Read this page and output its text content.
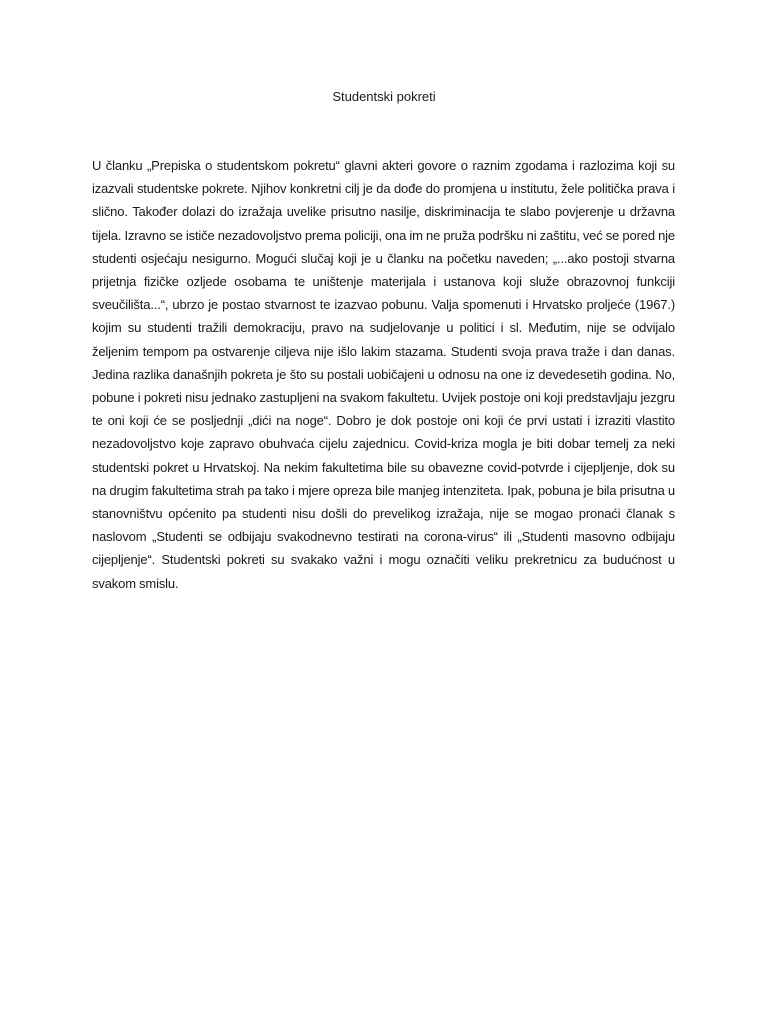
Studentski pokreti

U članku „Prepiska o studentskom pokretu“ glavni akteri govore o raznim zgodama i razlozima koji su izazvali studentske pokrete. Njihov konkretni cilj je da dođe do promjena u institutu, žele politička prava i slično. Također dolazi do izražaja uvelike prisutno nasilje, diskriminacija te slabo povjerenje u državna tijela. Izravno se ističe nezadovoljstvo prema policiji, ona im ne pruža podršku ni zaštitu, već se pored nje studenti osjećaju nesigurno. Mogući slučaj koji je u članku na početku naveden; „...ako postoji stvarna prijetnja fizičke ozljede osobama te uništenje materijala i ustanova koji služe obrazovnoj funkciji sveučilišta...“, ubrzo je postao stvarnost te izazvao pobunu. Valja spomenuti i Hrvatsko proljeće (1967.) kojim su studenti tražili demokraciju, pravo na sudjelovanje u politici i sl. Međutim, nije se odvijalo željenim tempom pa ostvarenje ciljeva nije išlo lakim stazama. Studenti svoja prava traže i dan danas. Jedina razlika današnjih pokreta je što su postali uobičajeni u odnosu na one iz devedesetih godina. No, pobune i pokreti nisu jednako zastupljeni na svakom fakultetu. Uvijek postoje oni koji predstavljaju jezgru te oni koji će se posljednji „dići na noge“. Dobro je dok postoje oni koji će prvi ustati i izraziti vlastito nezadovoljstvo koje zapravo obuhvaća cijelu zajednicu. Covid-kriza mogla je biti dobar temelj za neki studentski pokret u Hrvatskoj. Na nekim fakultetima bile su obavezne covid-potvrde i cijepljenje, dok su na drugim fakultetima strah pa tako i mjere opreza bile manjeg intenziteta. Ipak, pobuna je bila prisutna u stanovništvu općenito pa studenti nisu došli do prevelikog izražaja, nije se mogao pronaći članak s naslovom „Studenti se odbijaju svakodnevno testirati na corona-virus“ ili „Studenti masovno odbijaju cijepljenje“. Studentski pokreti su svakako važni i mogu označiti veliku prekretnicu za budućnost u svakom smislu.
